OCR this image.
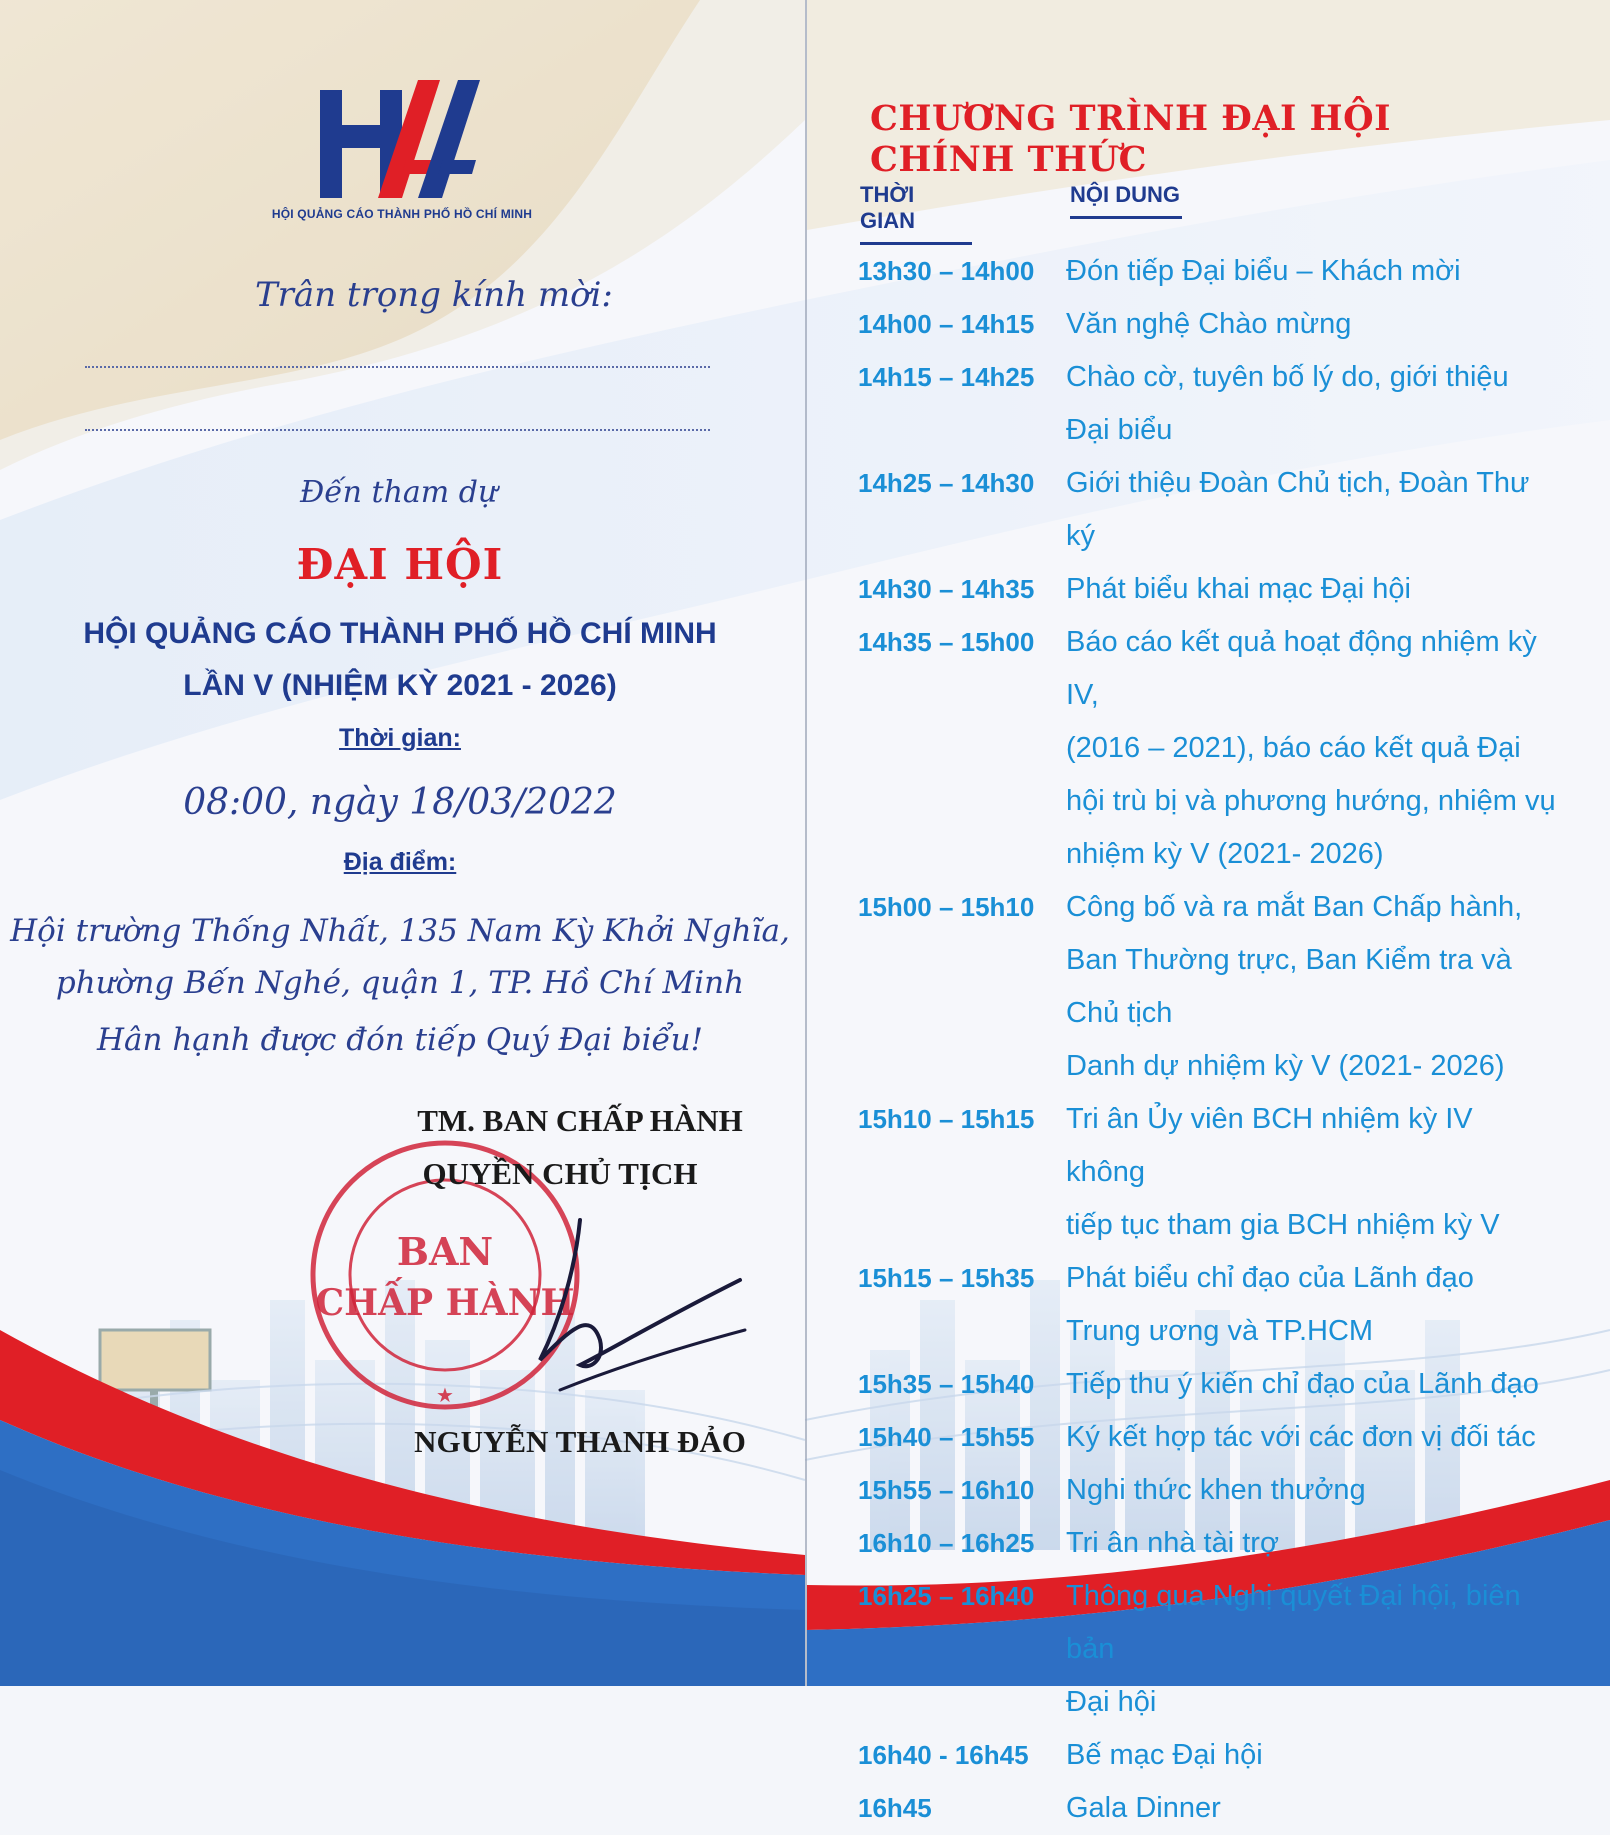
HỘI QUẢNG CÁO THÀNH PHỐ HỒ CHÍ MINH
Trân trọng kính mời:
Đến tham dự
ĐẠI HỘI
HỘI QUẢNG CÁO THÀNH PHỐ HỒ CHÍ MINH
LẦN V (NHIỆM KỲ 2021 - 2026)
Thời gian:
08:00, ngày 18/03/2022
Địa điểm:
Hội trường Thống Nhất, 135 Nam Kỳ Khởi Nghĩa,
phường Bến Nghé, quận 1, TP. Hồ Chí Minh
Hân hạnh được đón tiếp Quý Đại biểu!
BAN
CHẤP HÀNH
★
TM. BAN CHẤP HÀNH
QUYỀN CHỦ TỊCH
NGUYỄN THANH ĐẢO
CHƯƠNG TRÌNH ĐẠI HỘI CHÍNH THỨC
THỜI GIAN
NỘI DUNG
13h30 – 14h00	Đón tiếp Đại biểu – Khách mời
14h00 – 14h15	Văn nghệ Chào mừng
14h15 – 14h25	Chào cờ, tuyên bố lý do, giới thiệu
Đại biểu
14h25 – 14h30	Giới thiệu Đoàn Chủ tịch, Đoàn Thư ký
14h30 – 14h35	Phát biểu khai mạc Đại hội
14h35 – 15h00	Báo cáo kết quả hoạt động nhiệm kỳ IV,
(2016 – 2021), báo cáo kết quả Đại
hội trù bị và phương hướng, nhiệm vụ
nhiệm kỳ V (2021- 2026)
15h00 – 15h10	Công bố và ra mắt Ban Chấp hành,
Ban Thường trực, Ban Kiểm tra và Chủ tịch
Danh dự nhiệm kỳ V (2021- 2026)
15h10 – 15h15	Tri ân Ủy viên BCH nhiệm kỳ IV không
tiếp tục tham gia BCH nhiệm kỳ V
15h15 – 15h35	Phát biểu chỉ đạo của Lãnh đạo
Trung ương và TP.HCM
15h35 – 15h40	Tiếp thu ý kiến chỉ đạo của Lãnh đạo
15h40 – 15h55	Ký kết hợp tác với các đơn vị đối tác
15h55 – 16h10	Nghi thức khen thưởng
16h10 – 16h25	Tri ân nhà tài trợ
16h25 – 16h40	Thông qua Nghị quyết Đại hội, biên bản
Đại hội
16h40 - 16h45	Bế mạc Đại hội
16h45	Gala Dinner
